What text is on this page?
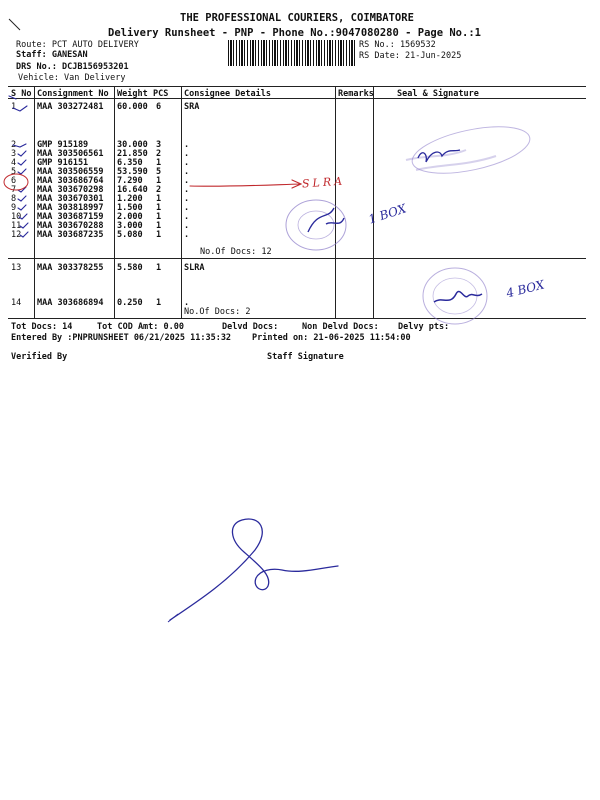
THE PROFESSIONAL COURIERS, COIMBATORE
Delivery Runsheet - PNP - Phone No.:9047080280 - Page No.:1
Route: PCT AUTO DELIVERY
Staff: GANESAN
DRS No.: DCJB156953201
Vehicle: Van Delivery
RS No.: 1569532
RS Date: 21-Jun-2025
S No Consignment No Weight PCS Consignee Details	Remarks	Seal & Signature
1 MAA 303272481 60.000 6	SRA
2 GMP 915189	30.000 3	.
3 MAA 303506561 21.850 2	.
4 GMP 916151	6.350 1	.
5 MAA 303506559 53.590 5	.
6 MAA 303686764 7.290 1	.
7 MAA 303670298 16.640 2	.
8 MAA 303670301 1.200 1	.
9 MAA 303818997 1.500 1	.
10 MAA 303687159 2.000 1	.
11 MAA 303670288 3.000 1	.
12 MAA 303687235 5.080 1	.
No.Of Docs: 12
13 MAA 303378255 5.580 1	SLRA
14 MAA 303686894 0.250 1	.
No.Of Docs: 2
Tot Docs: 14	Tot COD Amt: 0.00	Delvd Docs:	Non Delvd Docs: Delvy pts:
Entered By :PNPRUNSHEET 06/21/2025 11:35:32 Printed on: 21-06-2025 11:54:00
Verified By	Staff Signature
SLRA
1 BOX
4 BOX
